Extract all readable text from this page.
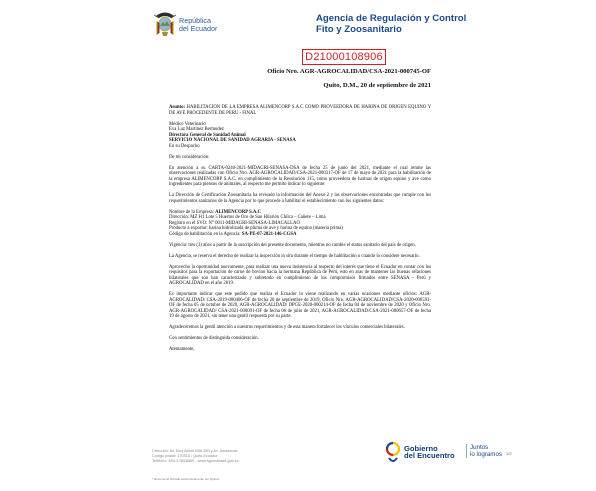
República
del Ecuador
Agencia de Regulación y Control
Fito y Zoosanitario
D21000108906
Oficio Nro. AGR-AGROCALIDAD/CSA-2021-000745-OF
Quito, D.M., 20 de septiembre de 2021

Asunto: HABILITACION DE LA EMPRESA ALIMENCORP S.A.C COMO PROVEEDORA DE HARINA DE ORIGEN EQUINO Y DE AVE PROCEDENTE DE PERU - FINAL

Médico Veterinario

Eva Luz Martinez Bermudez

Directora General de Sanidad Animal

SERVICIO NACIONAL DE SANIDAD AGRARIA - SENASA

En su Despacho

De mi consideración:

En atención a su CARTA-0240-2021-MIDAGRI-SENASA-DSA de fecha 25 de junio del 2021, mediante el cual remite las observaciones realizadas con Oficio Nro. AGR-AGROCALIDAD/CSA-2021-000317-OF de 17 de mayo de 2021 para la habilitación de la empresa ALIMENCORP S.A.C. en cumplimiento de la Resolución 115, como proveedora de harinas de origen equino y ave como ingredientes para piensos de animales, al respecto me permito indicar lo siguiente:

La Dirección de Certificación Zoosanitaria ha revisado la información del Anexo 2 y las observaciones encontradas que cumple con los requerimientos sanitarios de la Agencia por lo que procede a habilitar el establecimiento con los siguientes datos:

Nombre de la Empresa: ALIMENCORP S.A.C

Dirección: MZ H1 Lote 5 Huertos de Oro de San Hilarión Chilca – Cañete – Lima

Registro en el SVO: N° 0011-MIDAGRI-SENASA-LIMACALLAO

Producto a exportar: harina hidrolizada de pluma de ave y harina de equino (materia prima)

Código de habilitación en la Agencia: SA-PE-07-2021-146-CGSA

Vigencia: tres (3) años a partir de la suscripción del presente documento, mientras no cambie el status sanitario del país de origen.

La Agencia, se reserva el derecho de realizar la inspección in situ durante el tiempo de habilitación o cuando lo considere necesario.

Aprovecho la oportunidad nuevamente, para realizar una nueva insistencia al respecto del interés que tiene el Ecuador en contar con los requisitos para la exportación de carne de bovino hacia la hermana República de Perú, esto en aras de mantener las buenas relaciones bilaterales que son han caracterizado y sobretodo en cumplimiento de los compromisos firmados entre SENASA - Perú y AGROCALIDAD en el año 2019.

Es importante indicar que este pedido que realiza el Ecuador lo viene realizando en varias ocasiones mediante oficios: AGR-AGROCALIDAD/ CSA-2019-000406-OF de fecha 20 de septiembre de 2019, Oficio Nro. AGR-AGROCALIDAD/CSA-2020-000593-OF de fecha 05 de octubre de 2020, AGR-AGROCALIDAD/ DPGE-2020-000214-OF de fecha 04 de noviembre de 2020 y Oficio Nro. AGR-AGROCALIDAD/ CSA-2021-000091-OF de fecha 06 de julio de 2021, AGR-AGROCALIDAD/CSA-2021-000657-OF de fecha 19 de agosto de 2021, sin tener una gentil respuesta por su parte.

Agradeceremos la gentil atención a nuestros requerimientos y de esta manera fortalecer los vínculos comerciales bilaterales.

Con sentimientos de distinguida consideración.

Atentamente,

Dirección: Av. Eloy Alfaro N30-350 y Av. Amazonas
Código postal: 170518 / Quito-Ecuador
Teléfono: 593-2-3828860 - www.agrocalidad.gob.ec
* Documento firmado electrónicamente por Quipux
Gobierno
del Encuentro
Juntos
lo logramos 1/2
